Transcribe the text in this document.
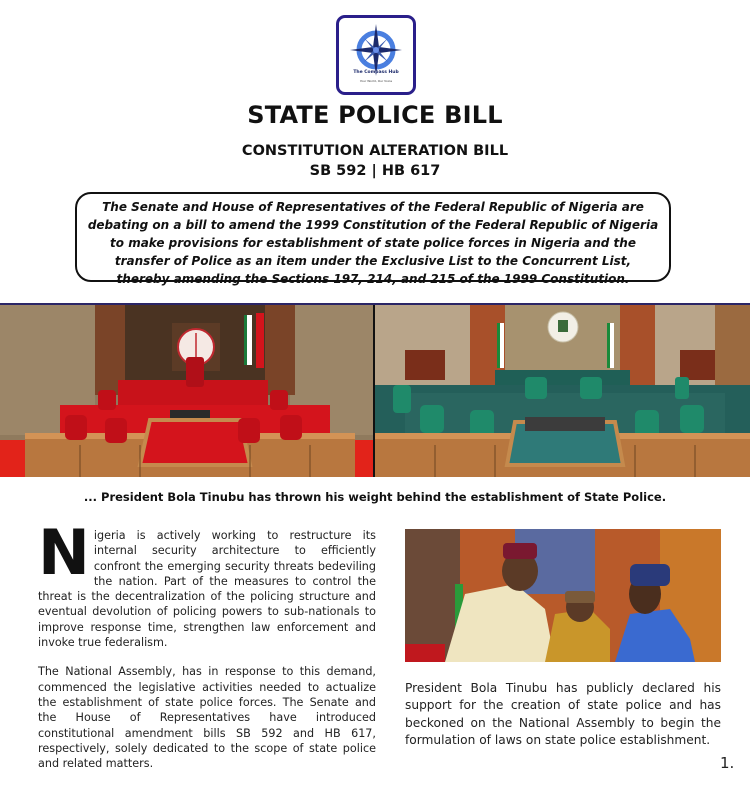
The Compass Hub
Your World, Our Voice
STATE POLICE BILL
CONSTITUTION ALTERATION BILL
SB 592 | HB 617
The Senate and House of Representatives of the Federal Republic of Nigeria are debating on a bill to amend the 1999 Constitution of the Federal Republic of Nigeria to make provisions for establishment of state police forces in Nigeria and the transfer of Police as an item under the Exclusive List to the Concurrent List, thereby amending the Sections 197, 214, and 215 of the 1999 Constitution.
... President Bola Tinubu has thrown his weight behind the establishment of State Police.

Nigeria is actively working to restructure its internal security architecture to efficiently confront the emerging security threats bedeviling the nation. Part of the measures to control the threat is the decentralization of the policing structure and eventual devolution of policing powers to sub-nationals to improve response time, strengthen law enforcement and invoke true federalism.

The National Assembly, has in response to this demand, commenced the legislative activities needed to actualize the establishment of state police forces. The Senate and the House of Representatives have introduced constitutional amendment bills SB 592 and HB 617, respectively, solely dedicated to the scope of state police and related matters.

President Bola Tinubu has publicly declared his support for the creation of state police and has beckoned on the National Assembly to begin the formulation of laws on state police establishment.
1.
